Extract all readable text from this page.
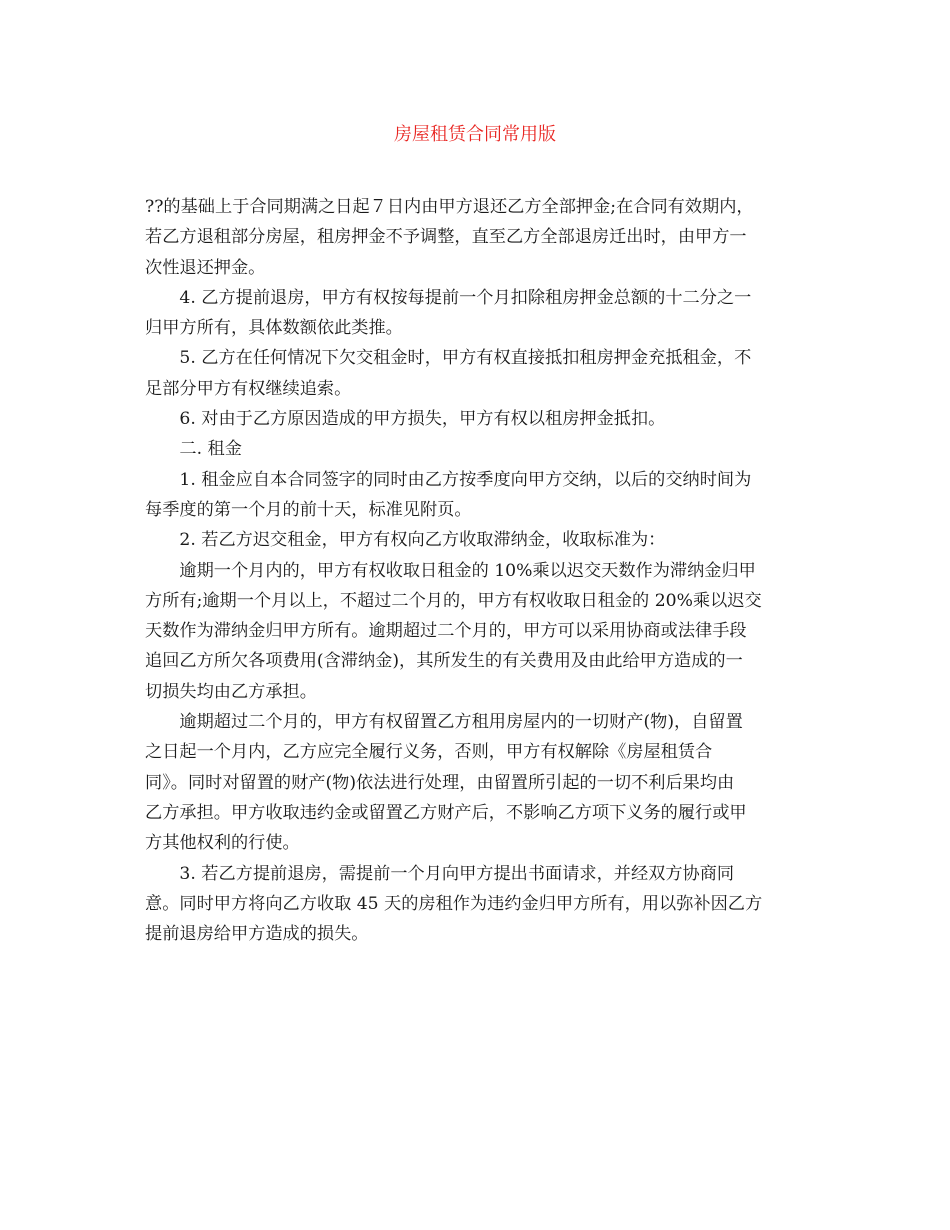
房屋租赁合同常用版

??的基础上于合同期满之日起７日内由甲方退还乙方全部押金;在合同有效期内，
若乙方退租部分房屋，租房押金不予调整，直至乙方全部退房迁出时，由甲方一
次性退还押金。

4. 乙方提前退房，甲方有权按每提前一个月扣除租房押金总额的十二分之一
归甲方所有，具体数额依此类推。

5. 乙方在任何情况下欠交租金时，甲方有权直接抵扣租房押金充抵租金，不
足部分甲方有权继续追索。

6. 对由于乙方原因造成的甲方损失，甲方有权以租房押金抵扣。

二. 租金

1. 租金应自本合同签字的同时由乙方按季度向甲方交纳，以后的交纳时间为
每季度的第一个月的前十天，标准见附页。

2. 若乙方迟交租金，甲方有权向乙方收取滞纳金，收取标准为：

逾期一个月内的，甲方有权收取日租金的 10%乘以迟交天数作为滞纳金归甲
方所有;逾期一个月以上，不超过二个月的，甲方有权收取日租金的 20%乘以迟交
天数作为滞纳金归甲方所有。逾期超过二个月的，甲方可以采用协商或法律手段
追回乙方所欠各项费用(含滞纳金)，其所发生的有关费用及由此给甲方造成的一
切损失均由乙方承担。

逾期超过二个月的，甲方有权留置乙方租用房屋内的一切财产(物)，自留置
之日起一个月内，乙方应完全履行义务，否则，甲方有权解除《房屋租赁合
同》。同时对留置的财产(物)依法进行处理，由留置所引起的一切不利后果均由
乙方承担。甲方收取违约金或留置乙方财产后，不影响乙方项下义务的履行或甲
方其他权利的行使。

3. 若乙方提前退房，需提前一个月向甲方提出书面请求，并经双方协商同
意。同时甲方将向乙方收取 45 天的房租作为违约金归甲方所有，用以弥补因乙方
提前退房给甲方造成的损失。
